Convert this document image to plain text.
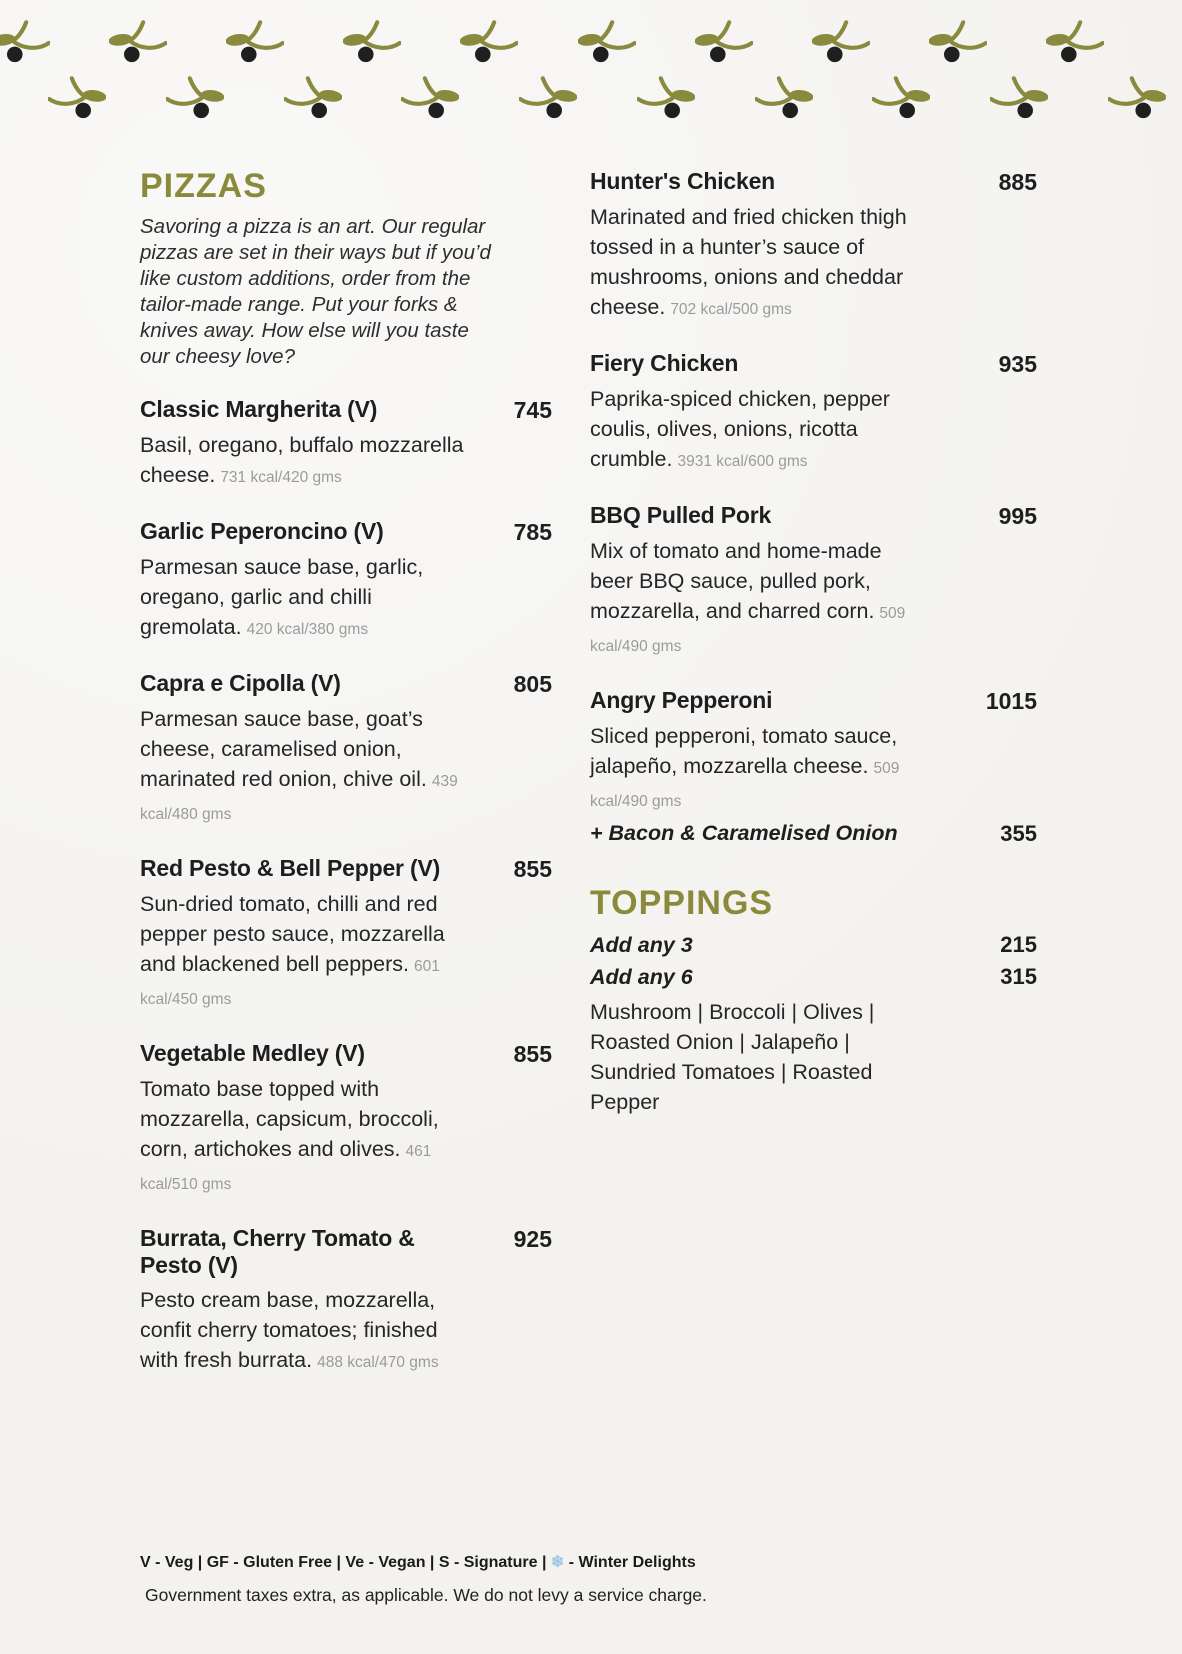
PIZZAS

Savoring a pizza is an art. Our regular pizzas are set in their ways but if you’d like custom additions, order from the tailor-made range. Put your forks & knives away. How else will you taste our cheesy love?

Classic Margherita (V)	745

Basil, oregano, buffalo mozzarella cheese. 731 kcal/420 gms

Garlic Peperoncino (V)	785

Parmesan sauce base, garlic, oregano, garlic and chilli gremolata. 420 kcal/380 gms

Capra e Cipolla (V)	805

Parmesan sauce base, goat’s cheese, caramelised onion, marinated red onion, chive oil. 439 kcal/480 gms

Red Pesto & Bell Pepper (V)	855

Sun-dried tomato, chilli and red pepper pesto sauce, mozzarella and blackened bell peppers. 601 kcal/450 gms

Vegetable Medley (V)	855

Tomato base topped with mozzarella, capsicum, broccoli, corn, artichokes and olives. 461 kcal/510 gms

Burrata, Cherry Tomato & Pesto (V)
925

Pesto cream base, mozzarella, confit cherry tomatoes; finished with fresh burrata. 488 kcal/470 gms

Hunter's Chicken	885

Marinated and fried chicken thigh tossed in a hunter’s sauce of mushrooms, onions and cheddar cheese. 702 kcal/500 gms

Fiery Chicken	935

Paprika-spiced chicken, pepper coulis, olives, onions, ricotta crumble. 3931 kcal/600 gms

BBQ Pulled Pork	995

Mix of tomato and home-made beer BBQ sauce, pulled pork, mozzarella, and charred corn. 509 kcal/490 gms

Angry Pepperoni	1015

Sliced pepperoni, tomato sauce, jalapeño, mozzarella cheese. 509 kcal/490 gms

+ Bacon & Caramelised Onion	355
TOPPINGS
Add any 3	215
Add any 6	315

Mushroom | Broccoli | Olives | Roasted Onion | Jalapeño | Sundried Tomatoes | Roasted Pepper

V - Veg | GF - Gluten Free | Ve - Vegan | S - Signature | ❄ - Winter Delights
Government taxes extra, as applicable. We do not levy a service charge.
